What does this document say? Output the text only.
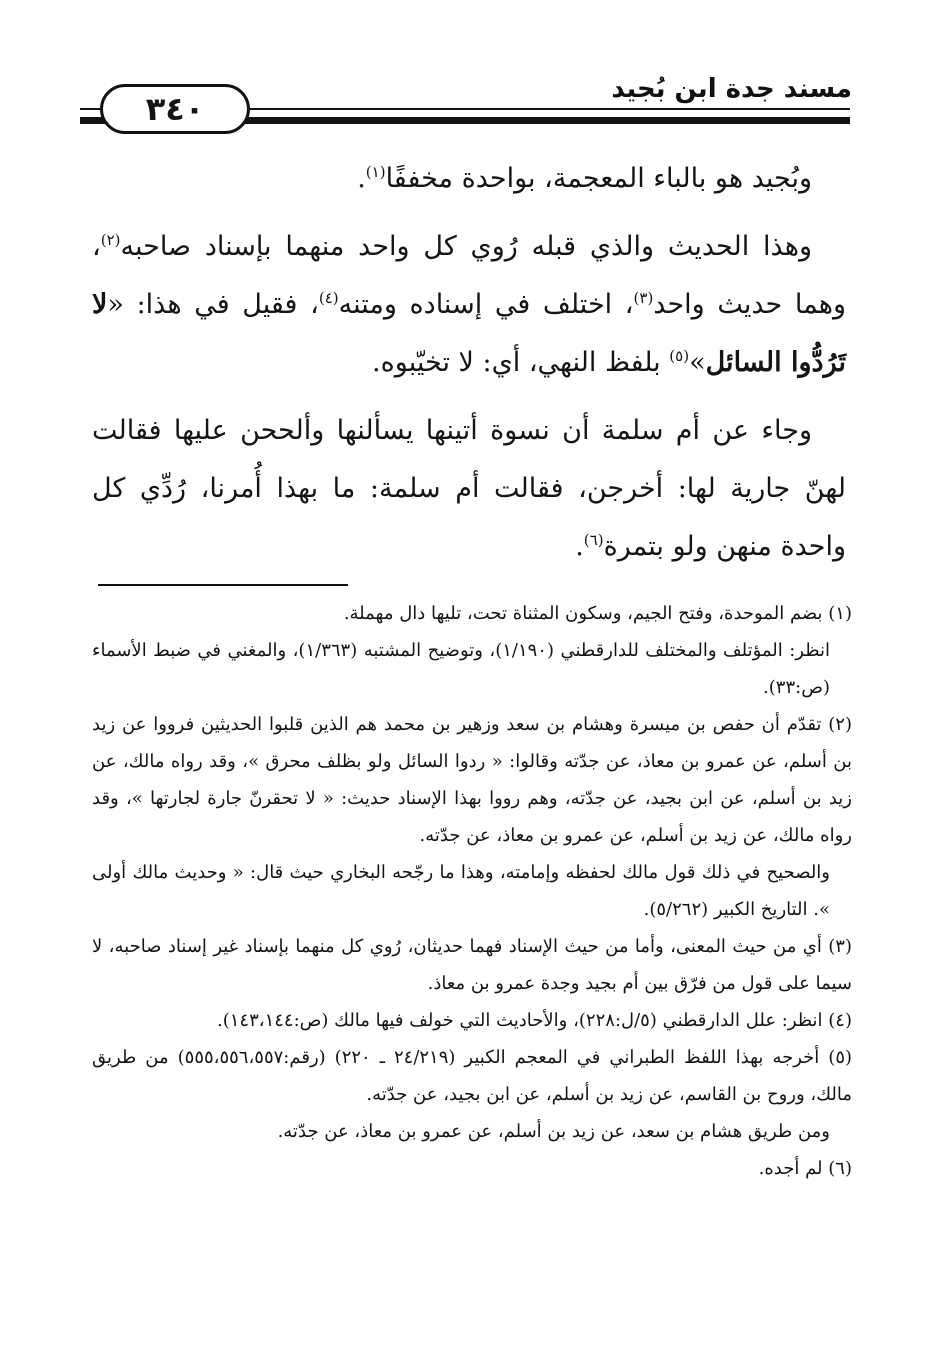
مسند جدة ابن بُجيد
٣٤٠

وبُجيد هو بالباء المعجمة، بواحدة مخففًا$^{(١)}$.

وهذا الحديث والذي قبله رُوي كل واحد منهما بإسناد صاحبه$^{(٢)}$، وهما حديث واحد$^{(٣)}$، اختلف في إسناده ومتنه$^{(٤)}$، فقيل في هذا: «لا تَرُدُّوا السائل»$^{(٥)}$ بلفظ النهي، أي: لا تخيّبوه.

وجاء عن أم سلمة أن نسوة أتينها يسألنها وألححن عليها فقالت لهنّ جارية لها: أخرجن، فقالت أم سلمة: ما بهذا أُمرنا، رُدِّي كل واحدة منهن ولو بتمرة$^{(٦)}$.

(١) بضم الموحدة، وفتح الجيم، وسكون المثناة تحت، تليها دال مهملة.
انظر: المؤتلف والمختلف للدارقطني (١/١٩٠)، وتوضيح المشتبه (١/٣٦٣)، والمغني في ضبط الأسماء (ص:٣٣).

(٢) تقدّم أن حفص بن ميسرة وهشام بن سعد وزهير بن محمد هم الذين قلبوا الحديثين فرووا عن زيد بن أسلم، عن عمرو بن معاذ، عن جدّته وقالوا: « ردوا السائل ولو بظلف محرق »، وقد رواه مالك، عن زيد بن أسلم، عن ابن بجيد، عن جدّته، وهم رووا بهذا الإسناد حديث: « لا تحقرنّ جارة لجارتها »، وقد رواه مالك، عن زيد بن أسلم، عن عمرو بن معاذ، عن جدّته.
والصحيح في ذلك قول مالك لحفظه وإمامته، وهذا ما رجّحه البخاري حيث قال: « وحديث مالك أولى ». التاريخ الكبير (٥/٢٦٢).

(٣) أي من حيث المعنى، وأما من حيث الإسناد فهما حديثان، رُوي كل منهما بإسناد غير إسناد صاحبه، لا سيما على قول من فرّق بين أم بجيد وجدة عمرو بن معاذ.

(٤) انظر: علل الدارقطني (٥/ل:٢٢٨)، والأحاديث التي خولف فيها مالك (ص:١٤٣،١٤٤).

(٥) أخرجه بهذا اللفظ الطبراني في المعجم الكبير (٢٤/٢١٩ ـ ٢٢٠) (رقم:٥٥٥،٥٥٦،٥٥٧) من طريق مالك، وروح بن القاسم، عن زيد بن أسلم، عن ابن بجيد، عن جدّته.
ومن طريق هشام بن سعد، عن زيد بن أسلم، عن عمرو بن معاذ، عن جدّته.

(٦) لم أجده.
